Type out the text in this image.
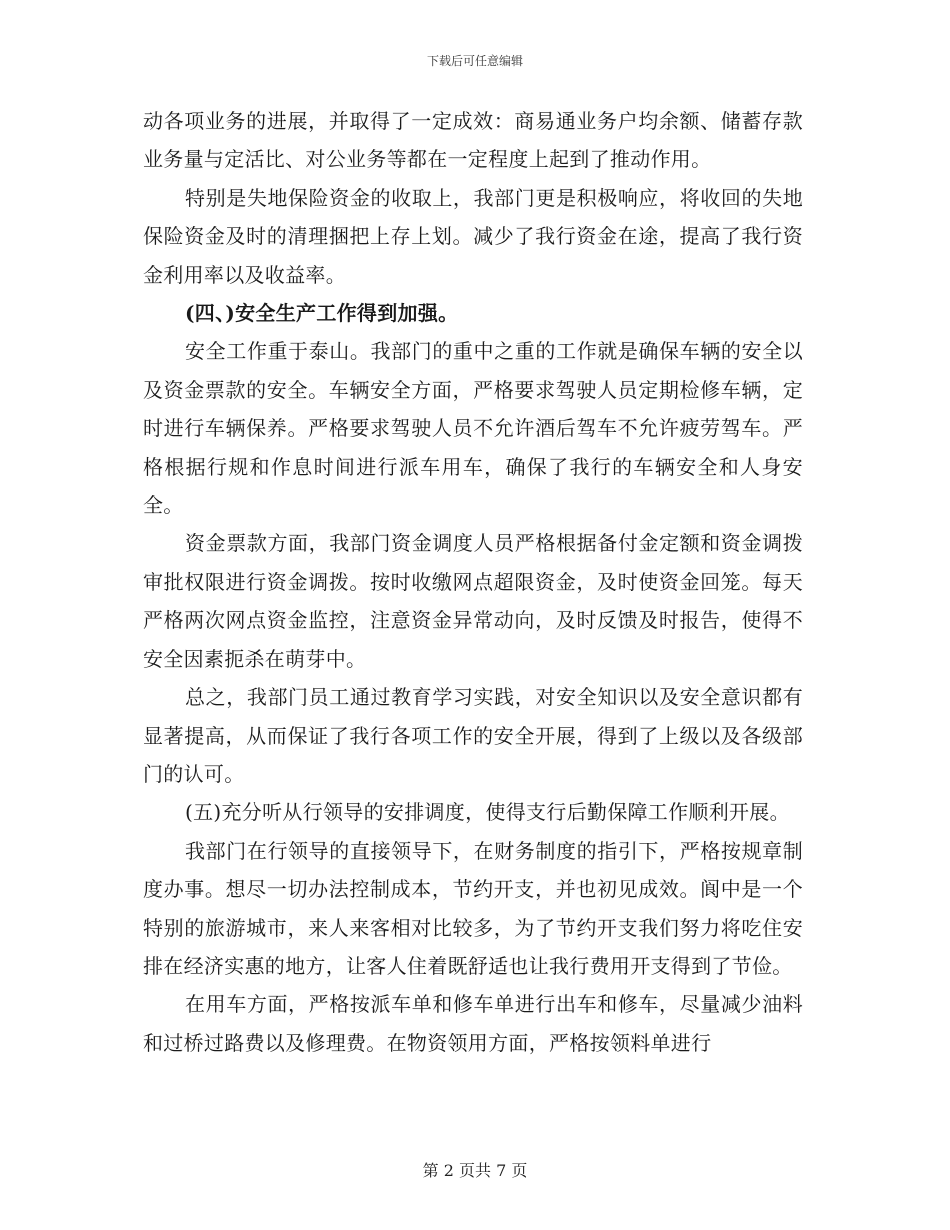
下载后可任意编辑

动各项业务的进展，并取得了一定成效：商易通业务户均余额、储蓄存款业务量与定活比、对公业务等都在一定程度上起到了推动作用。

特别是失地保险资金的收取上，我部门更是积极响应，将收回的失地保险资金及时的清理捆把上存上划。减少了我行资金在途，提高了我行资金利用率以及收益率。

(四、)安全生产工作得到加强。

安全工作重于泰山。我部门的重中之重的工作就是确保车辆的安全以及资金票款的安全。车辆安全方面，严格要求驾驶人员定期检修车辆，定时进行车辆保养。严格要求驾驶人员不允许酒后驾车不允许疲劳驾车。严格根据行规和作息时间进行派车用车，确保了我行的车辆安全和人身安全。

资金票款方面，我部门资金调度人员严格根据备付金定额和资金调拨审批权限进行资金调拨。按时收缴网点超限资金，及时使资金回笼。每天严格两次网点资金监控，注意资金异常动向，及时反馈及时报告，使得不安全因素扼杀在萌芽中。

总之，我部门员工通过教育学习实践，对安全知识以及安全意识都有显著提高，从而保证了我行各项工作的安全开展，得到了上级以及各级部门的认可。

(五)充分听从行领导的安排调度，使得支行后勤保障工作顺利开展。

我部门在行领导的直接领导下，在财务制度的指引下，严格按规章制度办事。想尽一切办法控制成本，节约开支，并也初见成效。阆中是一个特别的旅游城市，来人来客相对比较多，为了节约开支我们努力将吃住安排在经济实惠的地方，让客人住着既舒适也让我行费用开支得到了节俭。

在用车方面，严格按派车单和修车单进行出车和修车，尽量减少油料和过桥过路费以及修理费。在物资领用方面，严格按领料单进行

第 2 页共 7 页
